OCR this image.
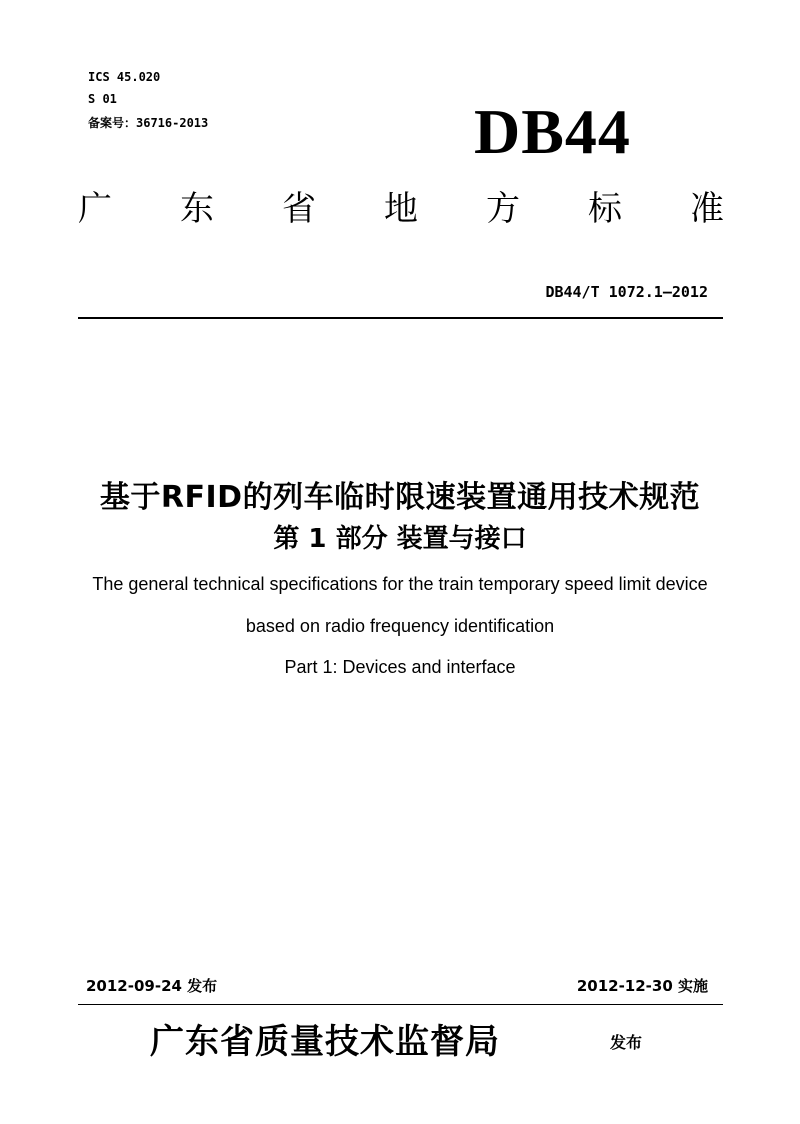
ICS 45.020
S 01
备案号：36716-2013	DB44
广 东 省 地 方 标 准
DB44/T 1072.1—2012
基于RFID的列车临时限速装置通用技术规范
第 1 部分 装置与接口
The general technical specifications for the train temporary speed limit device
based on radio frequency identification
Part 1: Devices and interface
2012-09-24 发布	2012-12-30 实施
广东省质量技术监督局	发布
